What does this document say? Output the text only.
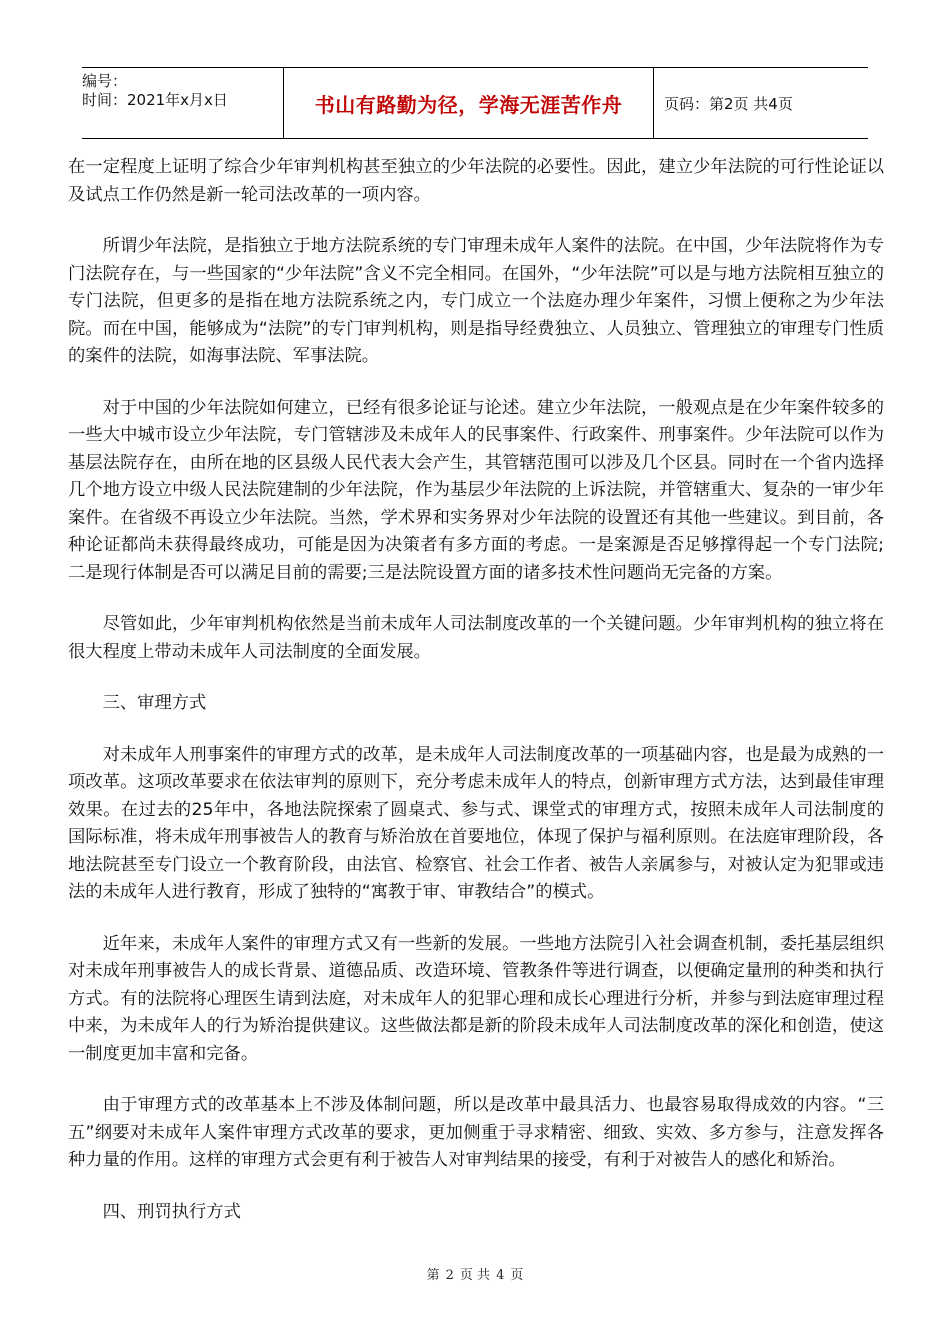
编号：
时间：2021年x月x日	书山有路勤为径，学海无涯苦作舟	页码：第2页 共4页

在一定程度上证明了综合少年审判机构甚至独立的少年法院的必要性。因此，建立少年法院的可行性论证以及试点工作仍然是新一轮司法改革的一项内容。

所谓少年法院，是指独立于地方法院系统的专门审理未成年人案件的法院。在中国，少年法院将作为专门法院存在，与一些国家的“少年法院”含义不完全相同。在国外，“少年法院”可以是与地方法院相互独立的专门法院，但更多的是指在地方法院系统之内，专门成立一个法庭办理少年案件，习惯上便称之为少年法院。而在中国，能够成为“法院”的专门审判机构，则是指导经费独立、人员独立、管理独立的审理专门性质的案件的法院，如海事法院、军事法院。

对于中国的少年法院如何建立，已经有很多论证与论述。建立少年法院，一般观点是在少年案件较多的一些大中城市设立少年法院，专门管辖涉及未成年人的民事案件、行政案件、刑事案件。少年法院可以作为基层法院存在，由所在地的区县级人民代表大会产生，其管辖范围可以涉及几个区县。同时在一个省内选择几个地方设立中级人民法院建制的少年法院，作为基层少年法院的上诉法院，并管辖重大、复杂的一审少年案件。在省级不再设立少年法院。当然，学术界和实务界对少年法院的设置还有其他一些建议。到目前，各种论证都尚未获得最终成功，可能是因为决策者有多方面的考虑。一是案源是否足够撑得起一个专门法院;二是现行体制是否可以满足目前的需要;三是法院设置方面的诸多技术性问题尚无完备的方案。

尽管如此，少年审判机构依然是当前未成年人司法制度改革的一个关键问题。少年审判机构的独立将在很大程度上带动未成年人司法制度的全面发展。

三、审理方式

对未成年人刑事案件的审理方式的改革，是未成年人司法制度改革的一项基础内容，也是最为成熟的一项改革。这项改革要求在依法审判的原则下，充分考虑未成年人的特点，创新审理方式方法，达到最佳审理效果。在过去的25年中，各地法院探索了圆桌式、参与式、课堂式的审理方式，按照未成年人司法制度的国际标准，将未成年刑事被告人的教育与矫治放在首要地位，体现了保护与福利原则。在法庭审理阶段，各地法院甚至专门设立一个教育阶段，由法官、检察官、社会工作者、被告人亲属参与，对被认定为犯罪或违法的未成年人进行教育，形成了独特的“寓教于审、审教结合”的模式。

近年来，未成年人案件的审理方式又有一些新的发展。一些地方法院引入社会调查机制，委托基层组织对未成年刑事被告人的成长背景、道德品质、改造环境、管教条件等进行调查，以便确定量刑的种类和执行方式。有的法院将心理医生请到法庭，对未成年人的犯罪心理和成长心理进行分析，并参与到法庭审理过程中来，为未成年人的行为矫治提供建议。这些做法都是新的阶段未成年人司法制度改革的深化和创造，使这一制度更加丰富和完备。

由于审理方式的改革基本上不涉及体制问题，所以是改革中最具活力、也最容易取得成效的内容。“三五”纲要对未成年人案件审理方式改革的要求，更加侧重于寻求精密、细致、实效、多方参与，注意发挥各种力量的作用。这样的审理方式会更有利于被告人对审判结果的接受，有利于对被告人的感化和矫治。

四、刑罚执行方式

第 2 页 共 4 页
